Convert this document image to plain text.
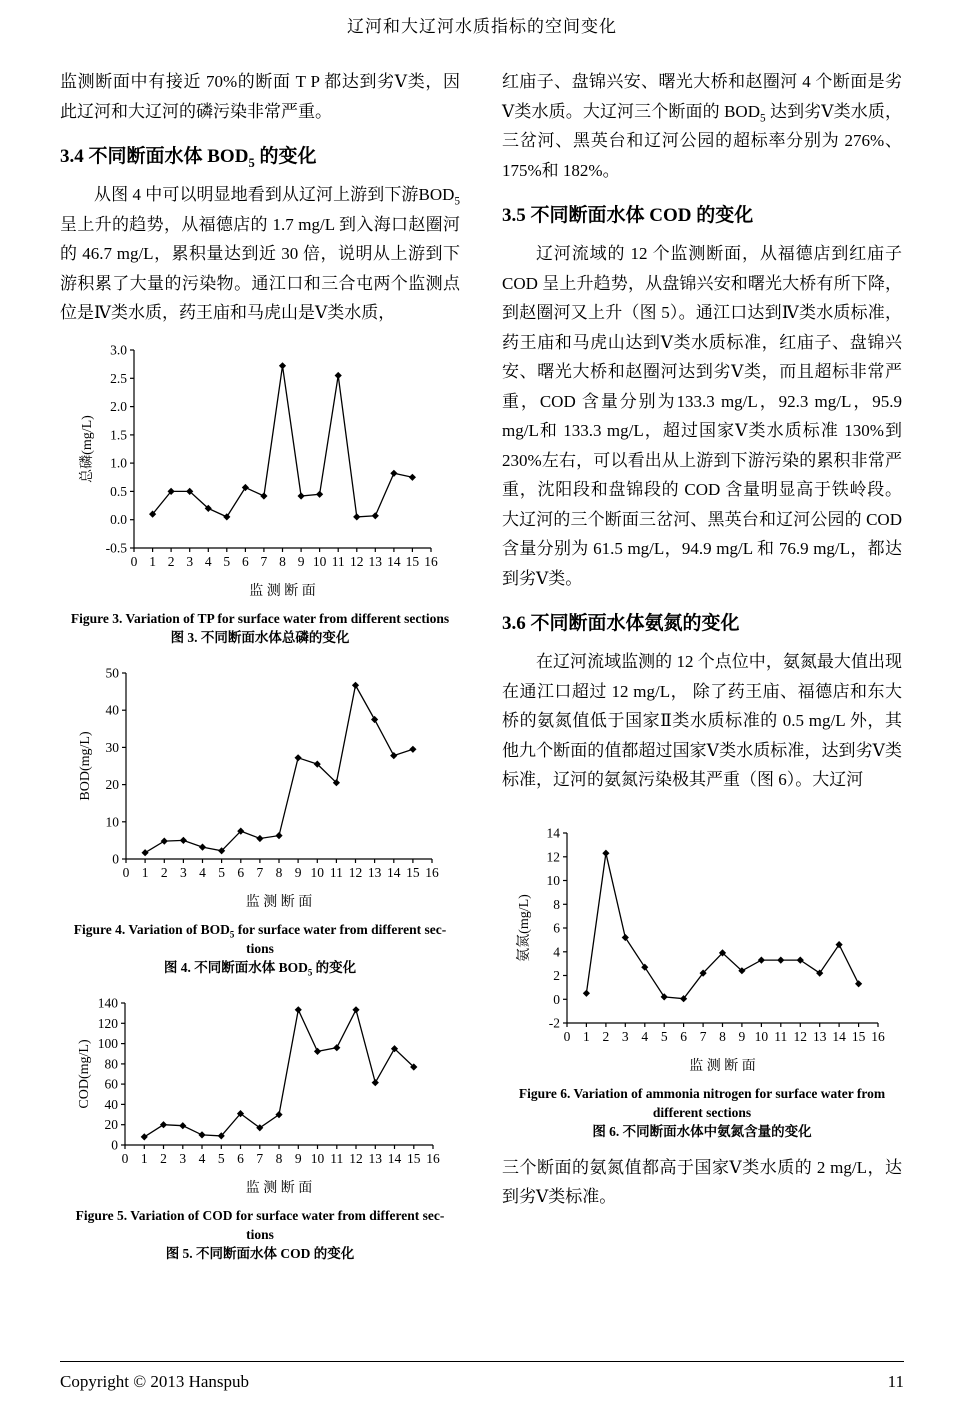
辽河和大辽河水质指标的空间变化

监测断面中有接近 70%的断面 T P 都达到劣Ⅴ类，因此辽河和大辽河的磷污染非常严重。

3.4 不同断面水体 $BOD_5$ 的变化

从图 4 中可以明显地看到从辽河上游到下游$BOD_5$ 呈上升的趋势，从福德店的 1.7 mg/L 到入海口赵圈河的 46.7 mg/L，累积量达到近 30 倍，说明从上游到下游积累了大量的污染物。通江口和三合屯两个监测点位是Ⅳ类水质，药王庙和马虎山是Ⅴ类水质，

-0.5
0.0
0.5
1.0
1.5
2.0
2.5
3.0
0 1 2 3 4 5 6 7 8 9 10 11 12 13 14 15 16
总磷(mg/L)
监 测 断 面
Figure 3. Variation of TP for surface water from different sections
图 3. 不同断面水体总磷的变化
0
10
20
30
40
50
0 1 2 3 4 5 6 7 8 9 10 11 12 13 14 15 16
BOD(mg/L)
监 测 断 面
Figure 4. Variation of $BOD_5$ for surface water from different sec-
tions
图 4. 不同断面水体 $BOD_5$ 的变化
0
20
40
60
80
100
120
140
0 1 2 3 4 5 6 7 8 9 10 11 12 13 14 15 16
COD(mg/L)
监 测 断 面
Figure 5. Variation of COD for surface water from different sec-
tions
图 5. 不同断面水体 COD 的变化

红庙子、盘锦兴安、曙光大桥和赵圈河 4 个断面是劣Ⅴ类水质。大辽河三个断面的 $BOD_5$ 达到劣Ⅴ类水质，三岔河、黑英台和辽河公园的超标率分别为 276%、175%和 182%。

3.5 不同断面水体 COD 的变化

辽河流域的 12 个监测断面，从福德店到红庙子COD 呈上升趋势，从盘锦兴安和曙光大桥有所下降，到赵圈河又上升（图 5）。通江口达到Ⅳ类水质标准，药王庙和马虎山达到Ⅴ类水质标准，红庙子、盘锦兴安、曙光大桥和赵圈河达到劣Ⅴ类，而且超标非常严重，COD 含量分别为133.3 mg/L，92.3 mg/L，95.9 mg/L和 133.3 mg/L，超过国家Ⅴ类水质标准 130%到 230%左右，可以看出从上游到下游污染的累积非常严重，沈阳段和盘锦段的 COD 含量明显高于铁岭段。大辽河的三个断面三岔河、黑英台和辽河公园的 COD 含量分别为 61.5 mg/L，94.9 mg/L 和 76.9 mg/L，都达到劣Ⅴ类。

3.6 不同断面水体氨氮的变化

在辽河流域监测的 12 个点位中，氨氮最大值出现在通江口超过 12 mg/L， 除了药王庙、福德店和东大桥的氨氮值低于国家Ⅱ类水质标准的 0.5 mg/L 外，其他九个断面的值都超过国家Ⅴ类水质标准，达到劣Ⅴ类标准，辽河的氨氮污染极其严重（图 6）。大辽河

-2
0
2
4
6
8
10
12
14
0 1 2 3 4 5 6 7 8 9 10 11 12 13 14 15 16
氨氮(mg/L)
监 测 断 面
Figure 6. Variation of ammonia nitrogen for surface water from
different sections
图 6. 不同断面水体中氨氮含量的变化

三个断面的氨氮值都高于国家Ⅴ类水质的 2 mg/L，达到劣Ⅴ类标准。

Copyright © 2013 Hanspub	11
